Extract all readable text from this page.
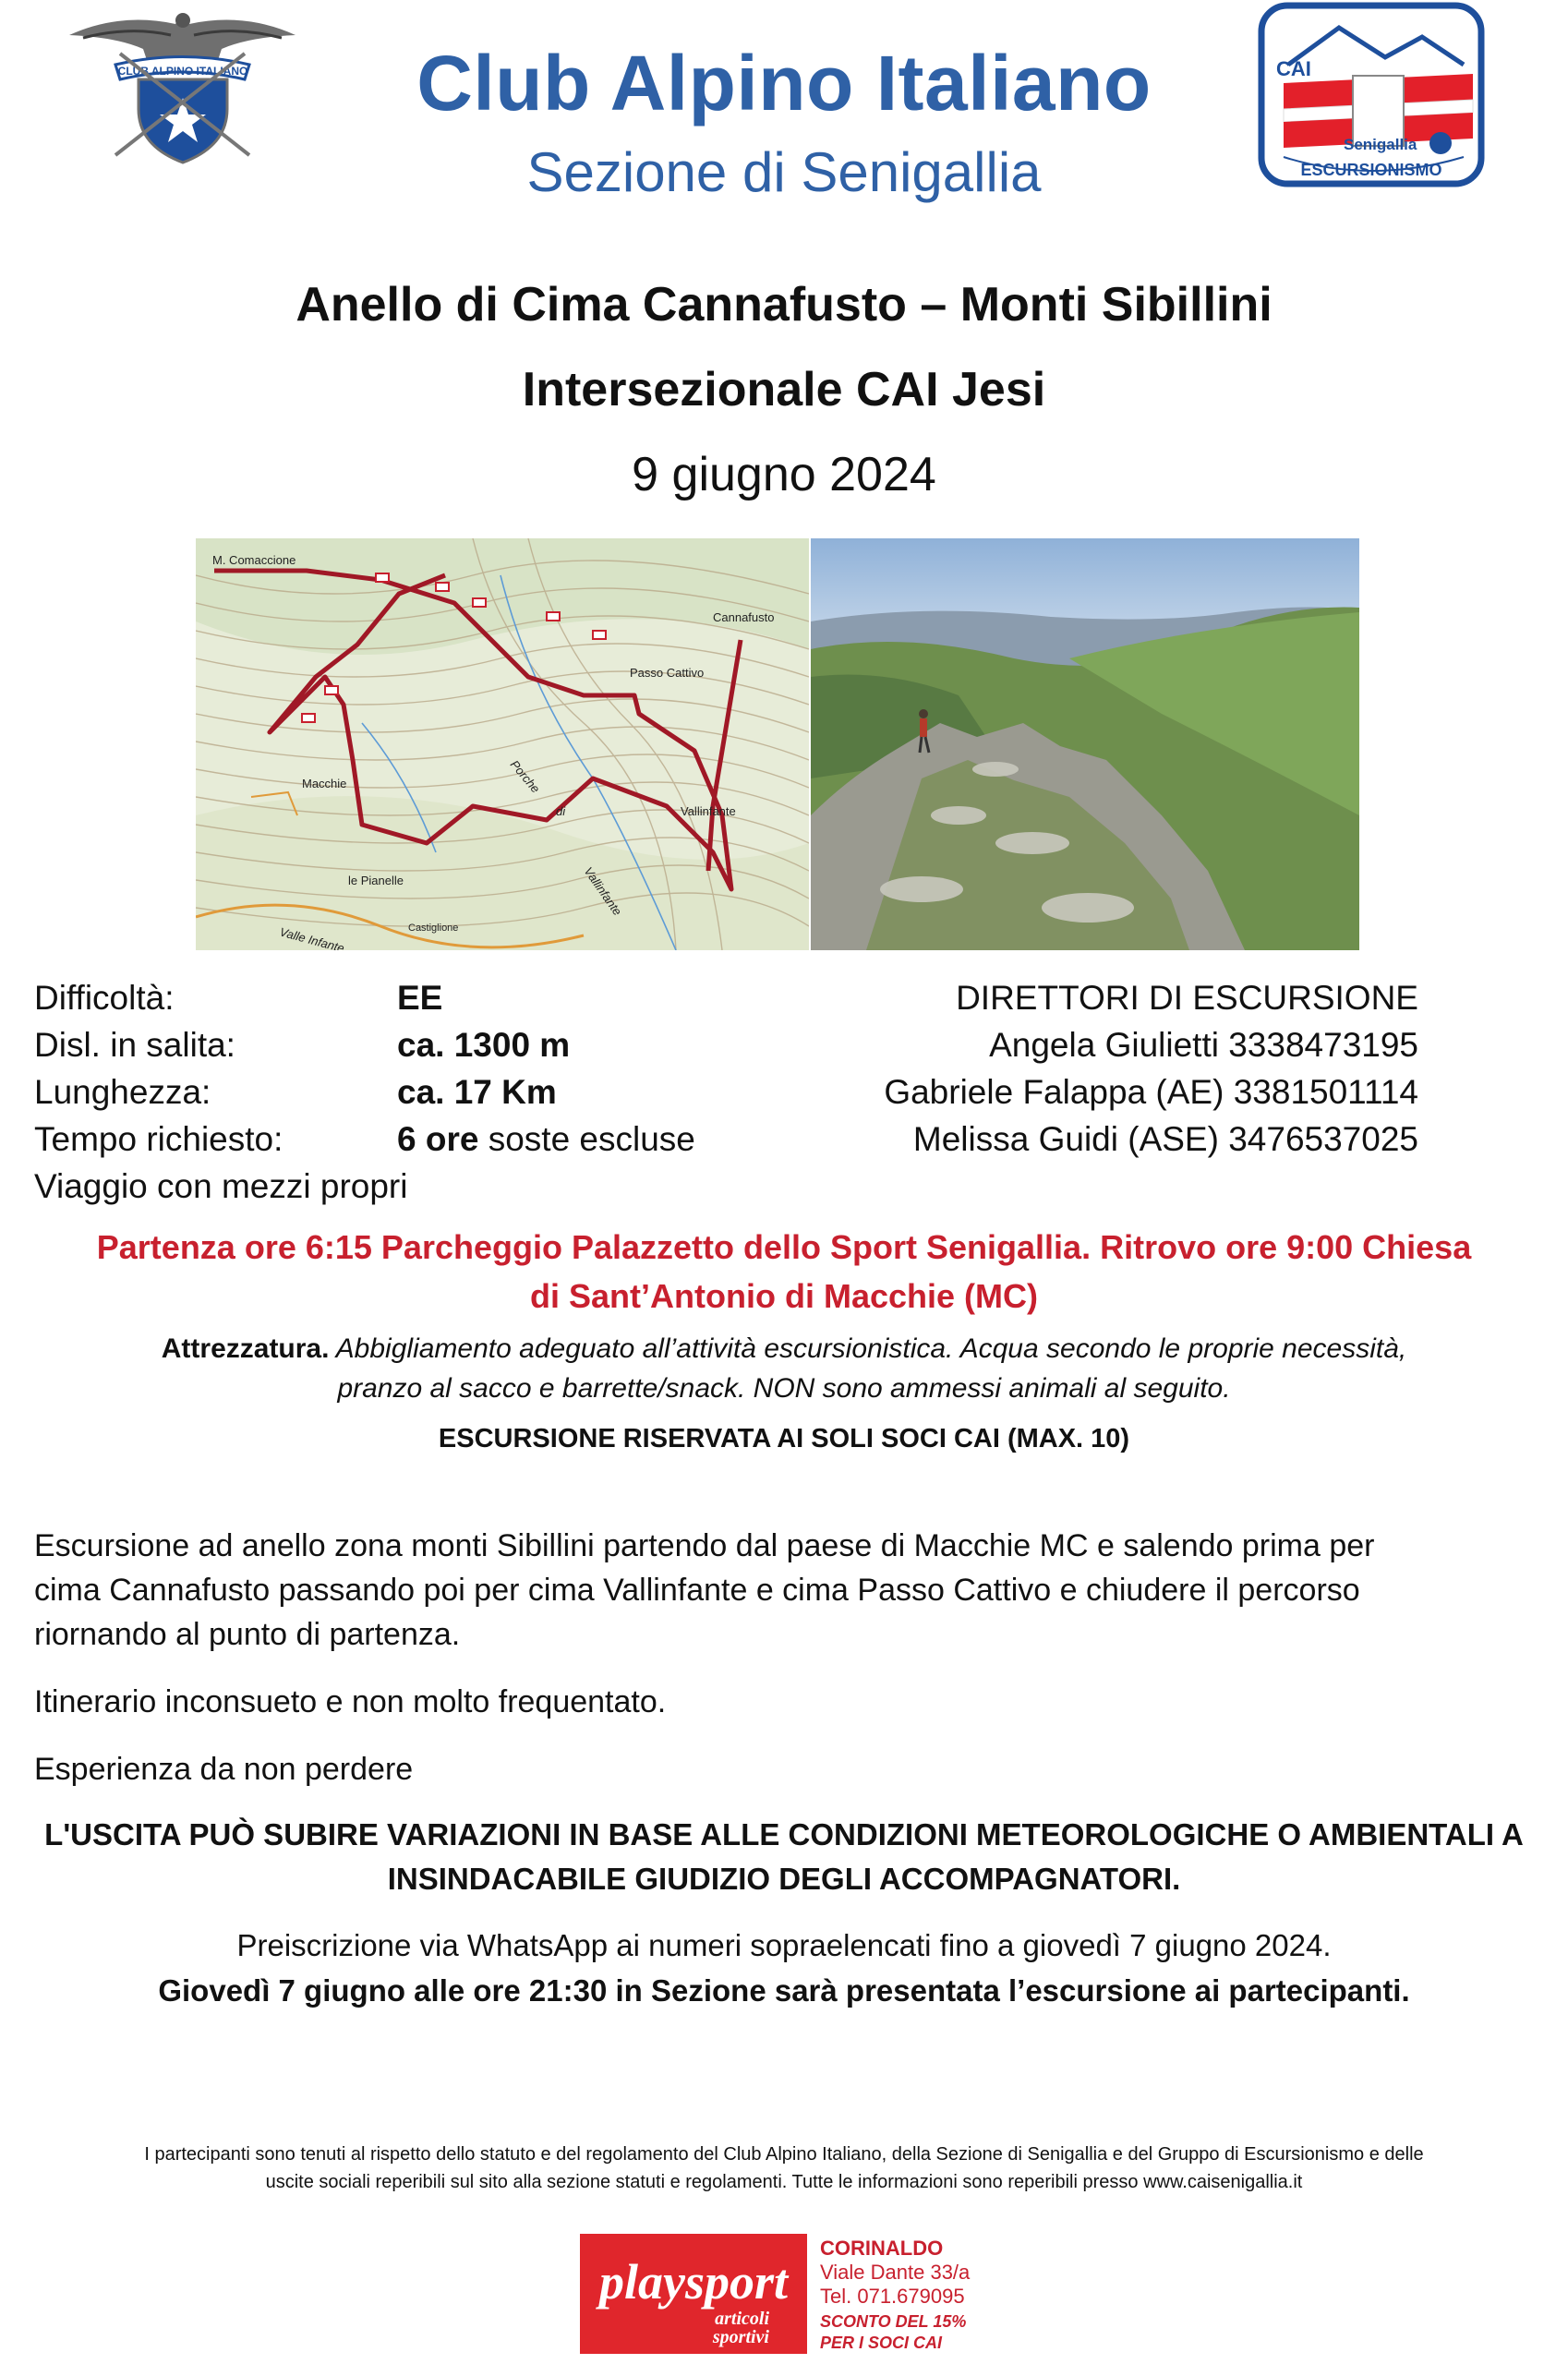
CLUB ALPINO ITALIANO	Club Alpino Italiano
Sezione di Senigallia
CAI
Senigallia
ESCURSIONISMO
Anello di Cima Cannafusto – Monti Sibillini
Intersezionale CAI Jesi
9 giugno 2024
M. Comaccione
Cannafusto
Passo Cattivo
Macchie
Vallinfante
Porche
di
Vallinfante
le Pianelle
Valle Infante	Castiglione
Difficoltà:	EE
Disl. in salita:	ca. 1300 m
Lunghezza:	ca. 17 Km
Tempo richiesto:	6 ore soste escluse
Viaggio con mezzi propri
DIRETTORI DI ESCURSIONE
Angela Giulietti 3338473195
Gabriele Falappa (AE) 3381501114
Melissa Guidi (ASE) 3476537025
Partenza ore 6:15 Parcheggio Palazzetto dello Sport Senigallia. Ritrovo ore 9:00 Chiesa
di Sant’Antonio di Macchie (MC)
Attrezzatura. Abbigliamento adeguato all’attività escursionistica. Acqua secondo le proprie necessità,
pranzo al sacco e barrette/snack. NON sono ammessi animali al seguito.
ESCURSIONE RISERVATA AI SOLI SOCI CAI (MAX. 10)
Escursione ad anello zona monti Sibillini partendo dal paese di Macchie MC e salendo prima per
cima Cannafusto passando poi per cima Vallinfante e cima Passo Cattivo e chiudere il percorso
riornando al punto di partenza.
Itinerario inconsueto e non molto frequentato.
Esperienza da non perdere
L'USCITA PUÒ SUBIRE VARIAZIONI IN BASE ALLE CONDIZIONI METEOROLOGICHE O AMBIENTALI A
INSINDACABILE GIUDIZIO DEGLI ACCOMPAGNATORI.
Preiscrizione via WhatsApp ai numeri sopraelencati fino a giovedì 7 giugno 2024.
Giovedì 7 giugno alle ore 21:30 in Sezione sarà presentata l’escursione ai partecipanti.
I partecipanti sono tenuti al rispetto dello statuto e del regolamento del Club Alpino Italiano, della Sezione di Senigallia e del Gruppo di Escursionismo e delle
uscite sociali reperibili sul sito alla sezione statuti e regolamenti. Tutte le informazioni sono reperibili presso www.caisenigallia.it
playsport
articoli
sportivi
CORINALDO
Viale Dante 33/a
Tel. 071.679095
SCONTO DEL 15%
PER I SOCI CAI
